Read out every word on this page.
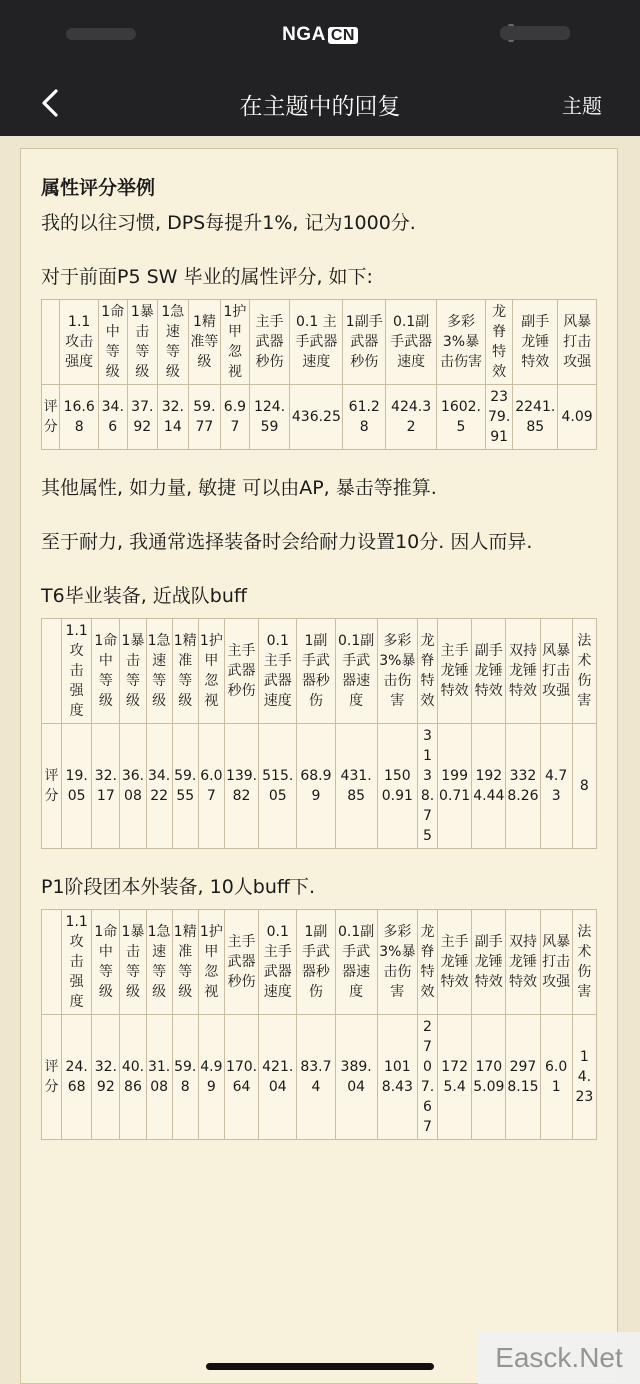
NGA CN
在主题中的回复	主题
属性评分举例
我的以往习惯, DPS每提升1%, 记为1000分.
对于前面P5 SW 毕业的属性评分, 如下:
	1.1攻击强度	1命中等级	1暴击等级	1急速等级	1精准等级	1护甲忽视	主手武器秒伤	0.1 主手武器速度	1副手武器秒伤	0.1副手武器速度	多彩3%暴击伤害	龙脊特效	副手龙锤特效	风暴打击攻强
评分	16.68	34.6	37.92	32.14	59.77	6.97	124.59	436.25	61.28	424.32	1602.5	2379.91	2241.85	4.09
其他属性, 如力量, 敏捷 可以由AP, 暴击等推算.
至于耐力, 我通常选择装备时会给耐力设置10分. 因人而异.
T6毕业装备, 近战队buff
	1.1攻击强度	1命中等级	1暴击等级	1急速等级	1精准等级	1护甲忽视	主手武器秒伤	0.1主手武器速度	1副手武器秒伤	0.1副手武器速度	多彩3%暴击伤害	龙脊特效	主手龙锤特效	副手龙锤特效	双持龙锤特效	风暴打击攻强	法术伤害
评分	19.05	32.17	36.08	34.22	59.55	6.07	139.82	515.05	68.99	431.85	1500.91	3138.75	1990.71	1924.44	3328.26	4.73	8
P1阶段团本外装备, 10人buff下.
	1.1攻击强度	1命中等级	1暴击等级	1急速等级	1精准等级	1护甲忽视	主手武器秒伤	0.1主手武器速度	1副手武器秒伤	0.1副手武器速度	多彩3%暴击伤害	龙脊特效	主手龙锤特效	副手龙锤特效	双持龙锤特效	风暴打击攻强	法术伤害
评分	24.68	32.92	40.86	31.08	59.8	4.99	170.64	421.04	83.74	389.04	1018.43	2707.67	1725.4	1705.09	2978.15	6.01	14.23
Easck.Net
